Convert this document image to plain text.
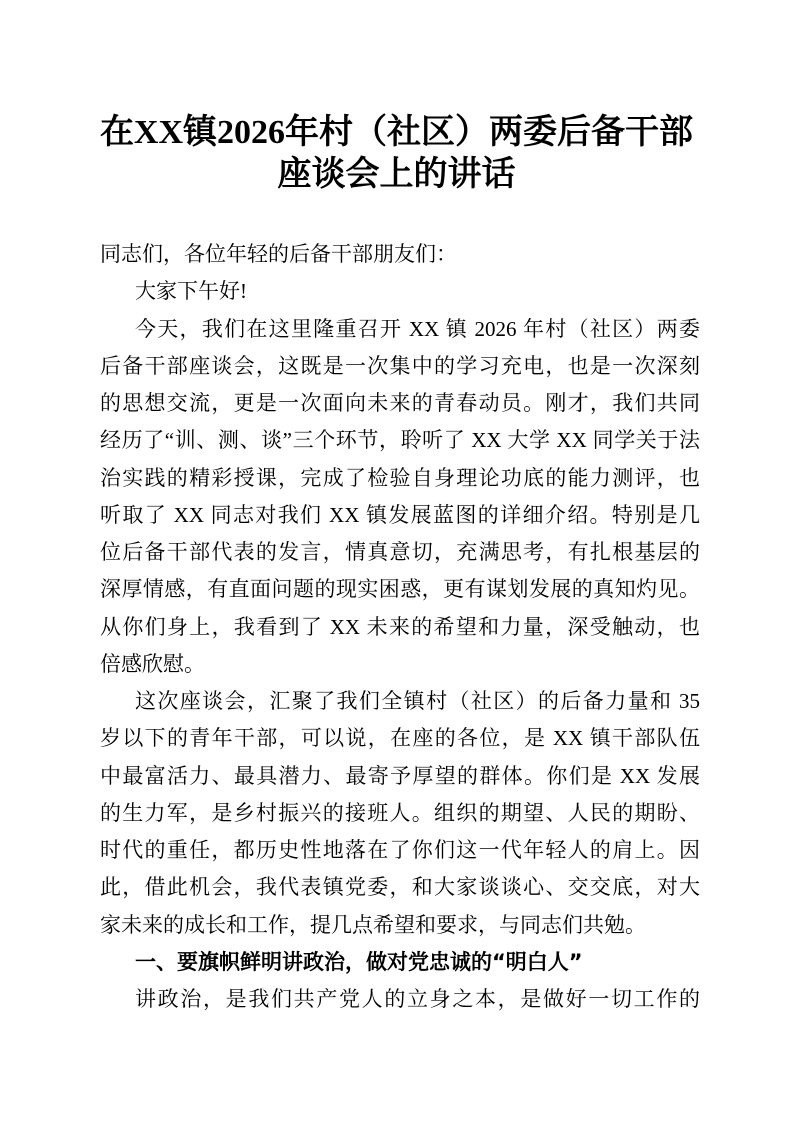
在XX镇2026年村（社区）两委后备干部
座谈会上的讲话
同志们，各位年轻的后备干部朋友们：
大家下午好!
今天，我们在这里隆重召开 XX 镇 2026 年村（社区）两委
后备干部座谈会，这既是一次集中的学习充电，也是一次深刻
的思想交流，更是一次面向未来的青春动员。刚才，我们共同
经历了“训、测、谈”三个环节，聆听了 XX 大学 XX 同学关于法
治实践的精彩授课，完成了检验自身理论功底的能力测评，也
听取了 XX 同志对我们 XX 镇发展蓝图的详细介绍。特别是几
位后备干部代表的发言，情真意切，充满思考，有扎根基层的
深厚情感，有直面问题的现实困惑，更有谋划发展的真知灼见。
从你们身上，我看到了 XX 未来的希望和力量，深受触动，也
倍感欣慰。
这次座谈会，汇聚了我们全镇村（社区）的后备力量和 35
岁以下的青年干部，可以说，在座的各位，是 XX 镇干部队伍
中最富活力、最具潜力、最寄予厚望的群体。你们是 XX 发展
的生力军，是乡村振兴的接班人。组织的期望、人民的期盼、
时代的重任，都历史性地落在了你们这一代年轻人的肩上。因
此，借此机会，我代表镇党委，和大家谈谈心、交交底，对大
家未来的成长和工作，提几点希望和要求，与同志们共勉。
一、要旗帜鲜明讲政治，做对党忠诚的“明白人”
讲政治，是我们共产党人的立身之本，是做好一切工作的
